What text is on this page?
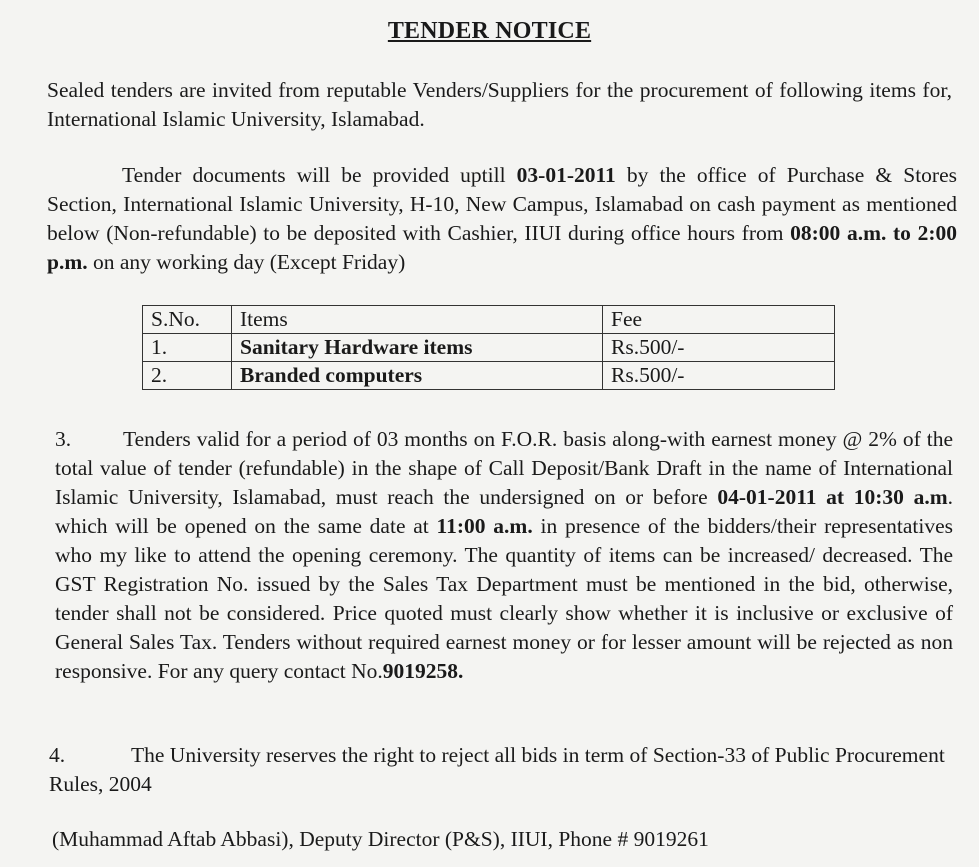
TENDER NOTICE
Sealed tenders are invited from reputable Venders/Suppliers for the procurement of following items for, International Islamic University, Islamabad.
Tender documents will be provided uptill 03-01-2011 by the office of Purchase & Stores Section, International Islamic University, H-10, New Campus, Islamabad on cash payment as mentioned below (Non-refundable) to be deposited with Cashier, IIUI during office hours from 08:00 a.m. to 2:00 p.m. on any working day (Except Friday)
S.No.	Items	Fee
1.	Sanitary Hardware items	Rs.500/-
2.	Branded computers	Rs.500/-
3. Tenders valid for a period of 03 months on F.O.R. basis along-with earnest money @ 2% of the total value of tender (refundable) in the shape of Call Deposit/Bank Draft in the name of International Islamic University, Islamabad, must reach the undersigned on or before 04-01-2011 at 10:30 a.m. which will be opened on the same date at 11:00 a.m. in presence of the bidders/their representatives who my like to attend the opening ceremony. The quantity of items can be increased/ decreased. The GST Registration No. issued by the Sales Tax Department must be mentioned in the bid, otherwise, tender shall not be considered. Price quoted must clearly show whether it is inclusive or exclusive of General Sales Tax. Tenders without required earnest money or for lesser amount will be rejected as non responsive. For any query contact No.9019258.
4.	The University reserves the right to reject all bids in term of Section-33 of Public Procurement Rules, 2004
(Muhammad Aftab Abbasi), Deputy Director (P&S), IIUI, Phone # 9019261
